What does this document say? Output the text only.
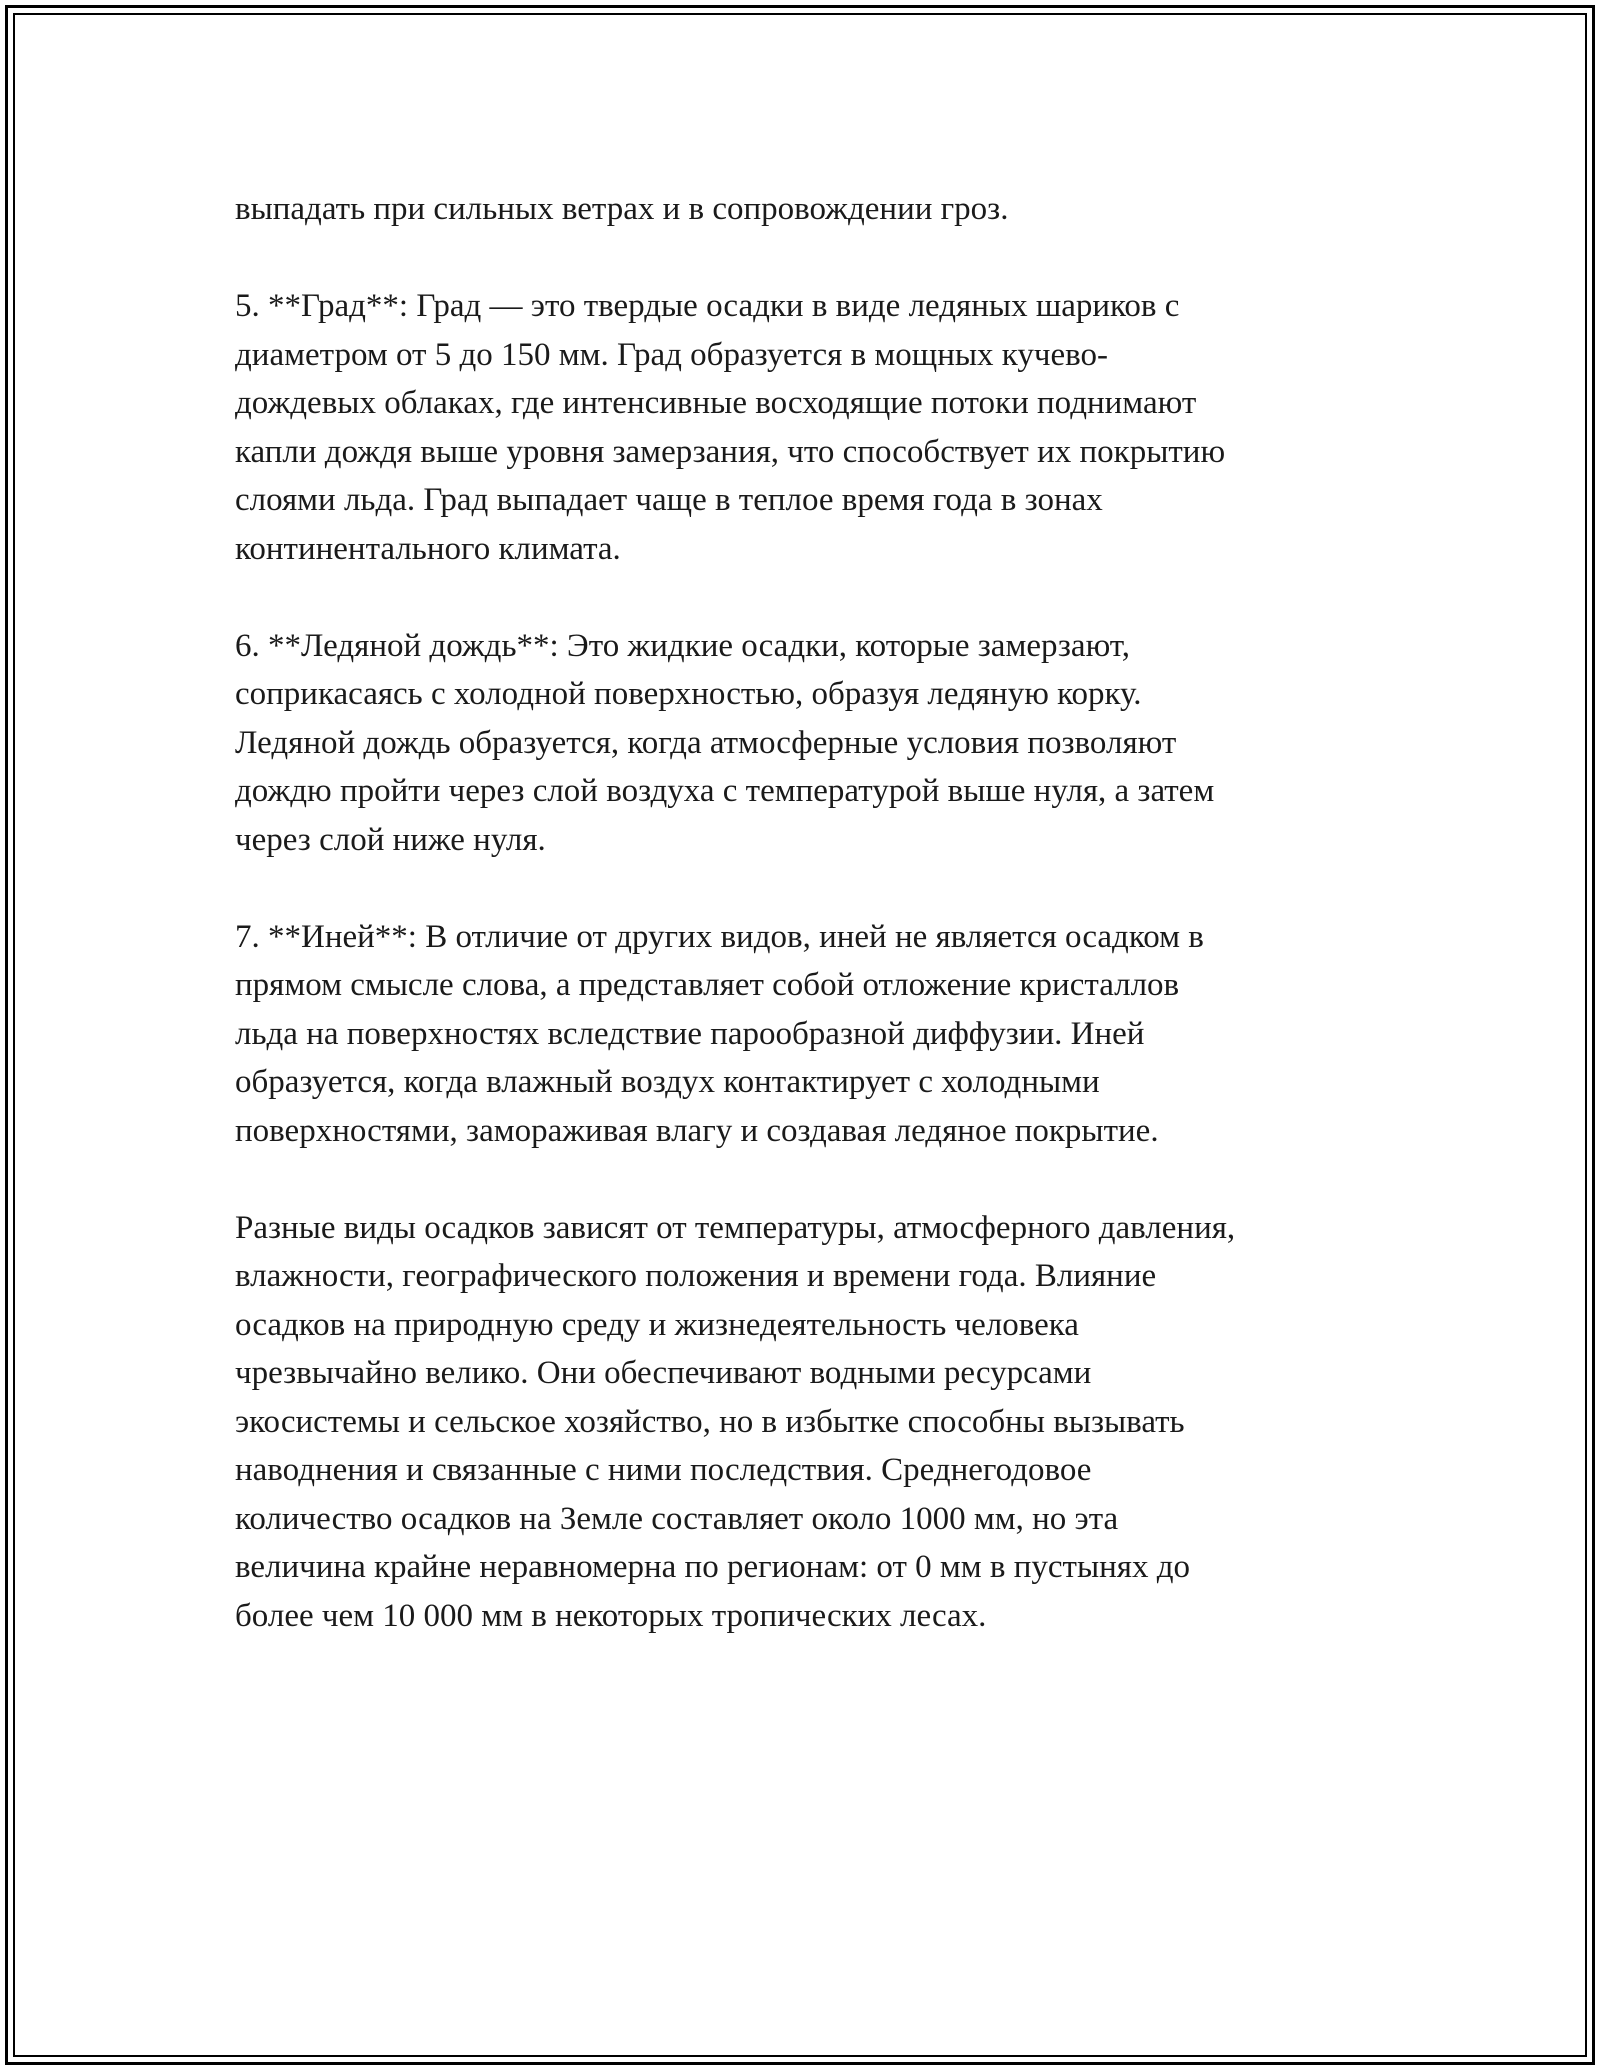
выпадать при сильных ветрах и в сопровождении гроз.

5. **Град**: Град — это твердые осадки в виде ледяных шариков с
диаметром от 5 до 150 мм. Град образуется в мощных кучево-
дождевых облаках, где интенсивные восходящие потоки поднимают
капли дождя выше уровня замерзания, что способствует их покрытию
слоями льда. Град выпадает чаще в теплое время года в зонах
континентального климата.

6. **Ледяной дождь**: Это жидкие осадки, которые замерзают,
соприкасаясь с холодной поверхностью, образуя ледяную корку.
Ледяной дождь образуется, когда атмосферные условия позволяют
дождю пройти через слой воздуха с температурой выше нуля, а затем
через слой ниже нуля.

7. **Иней**: В отличие от других видов, иней не является осадком в
прямом смысле слова, а представляет собой отложение кристаллов
льда на поверхностях вследствие парообразной диффузии. Иней
образуется, когда влажный воздух контактирует с холодными
поверхностями, замораживая влагу и создавая ледяное покрытие.

Разные виды осадков зависят от температуры, атмосферного давления,
влажности, географического положения и времени года. Влияние
осадков на природную среду и жизнедеятельность человека
чрезвычайно велико. Они обеспечивают водными ресурсами
экосистемы и сельское хозяйство, но в избытке способны вызывать
наводнения и связанные с ними последствия. Среднегодовое
количество осадков на Земле составляет около 1000 мм, но эта
величина крайне неравномерна по регионам: от 0 мм в пустынях до
более чем 10 000 мм в некоторых тропических лесах.
